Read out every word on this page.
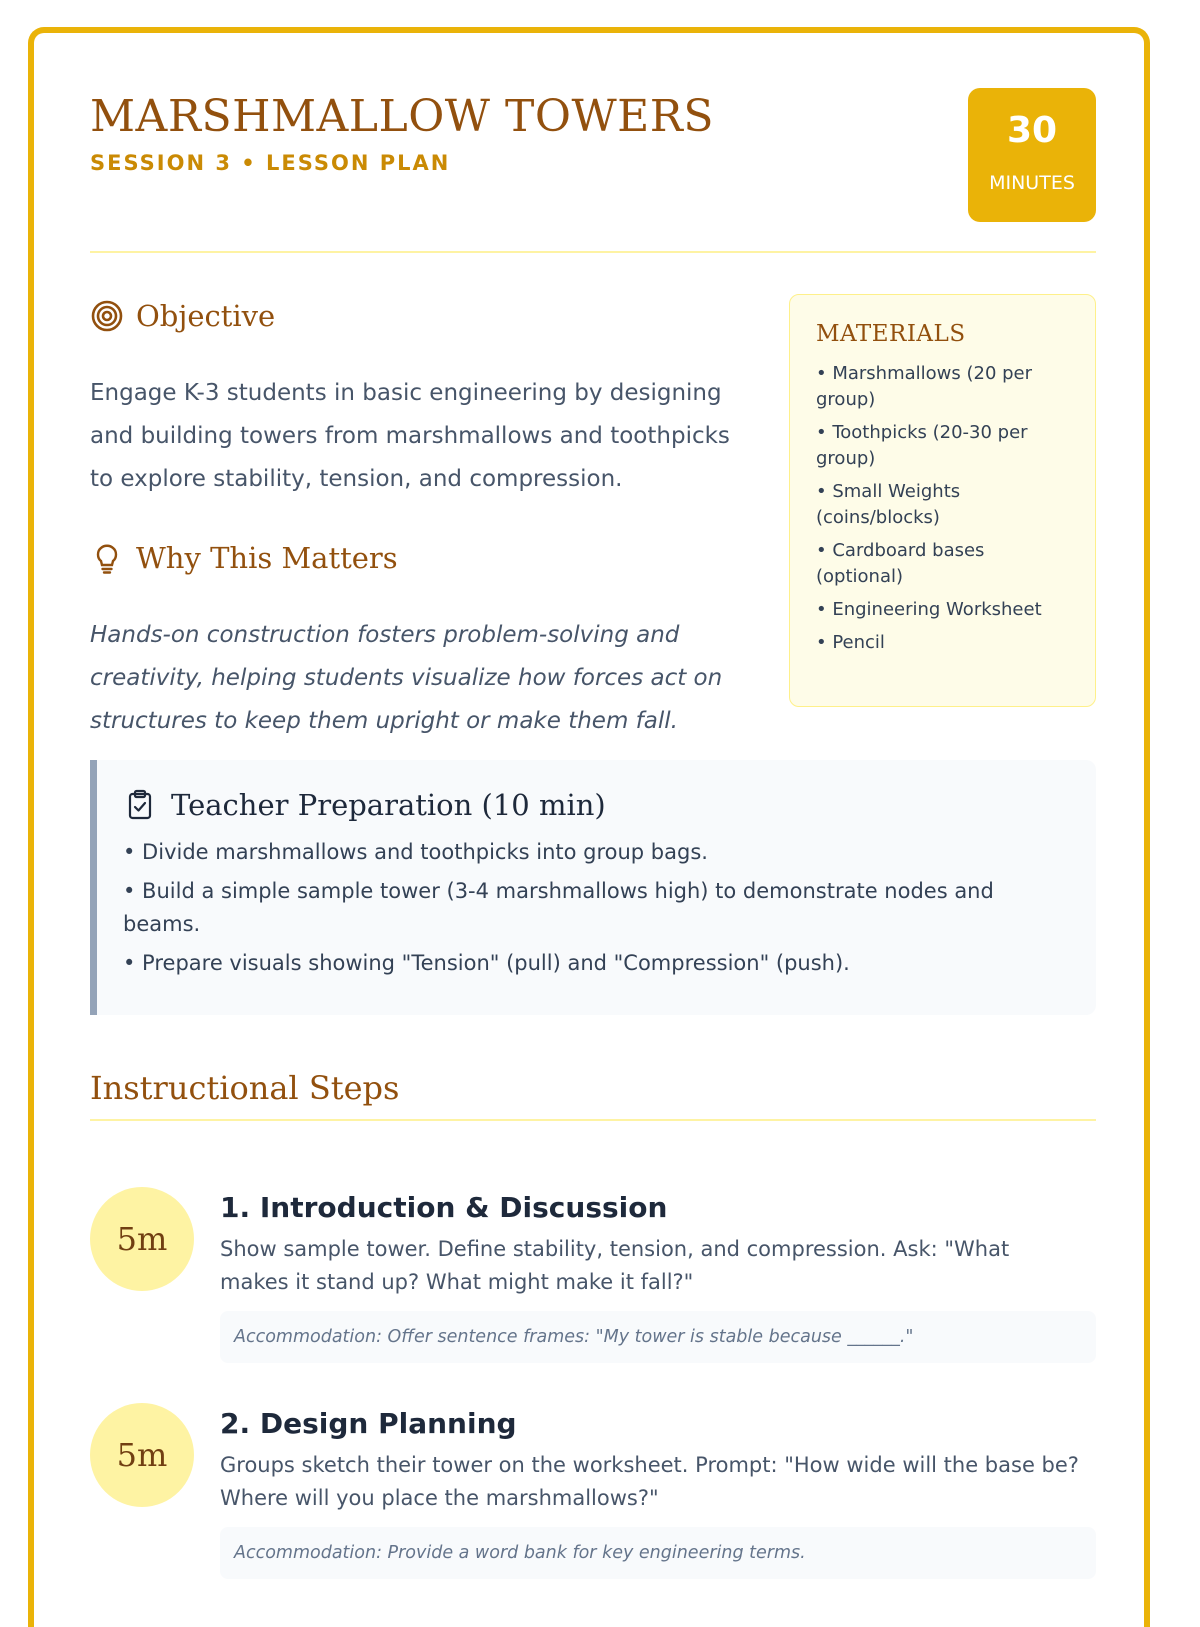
MARSHMALLOW TOWERS
SESSION 3 • LESSON PLAN
30
MINUTES
Objective
Engage K-3 students in basic engineering by designing and building towers from marshmallows and toothpicks to explore stability, tension, and compression.
Why This Matters
Hands-on construction fosters problem-solving and creativity, helping students visualize how forces act on structures to keep them upright or make them fall.
MATERIALS
• Marshmallows (20 per group)
• Toothpicks (20-30 per group)
• Small Weights (coins/blocks)
• Cardboard bases (optional)
• Engineering Worksheet
• Pencil
Teacher Preparation (10 min)
• Divide marshmallows and toothpicks into group bags.
• Build a simple sample tower (3-4 marshmallows high) to demonstrate nodes and beams.
• Prepare visuals showing "Tension" (pull) and "Compression" (push).
Instructional Steps
5m
1. Introduction & Discussion
Show sample tower. Define stability, tension, and compression. Ask: "What makes it stand up? What might make it fall?"
Accommodation: Offer sentence frames: "My tower is stable because ______."
5m
2. Design Planning
Groups sketch their tower on the worksheet. Prompt: "How wide will the base be? Where will you place the marshmallows?"
Accommodation: Provide a word bank for key engineering terms.
